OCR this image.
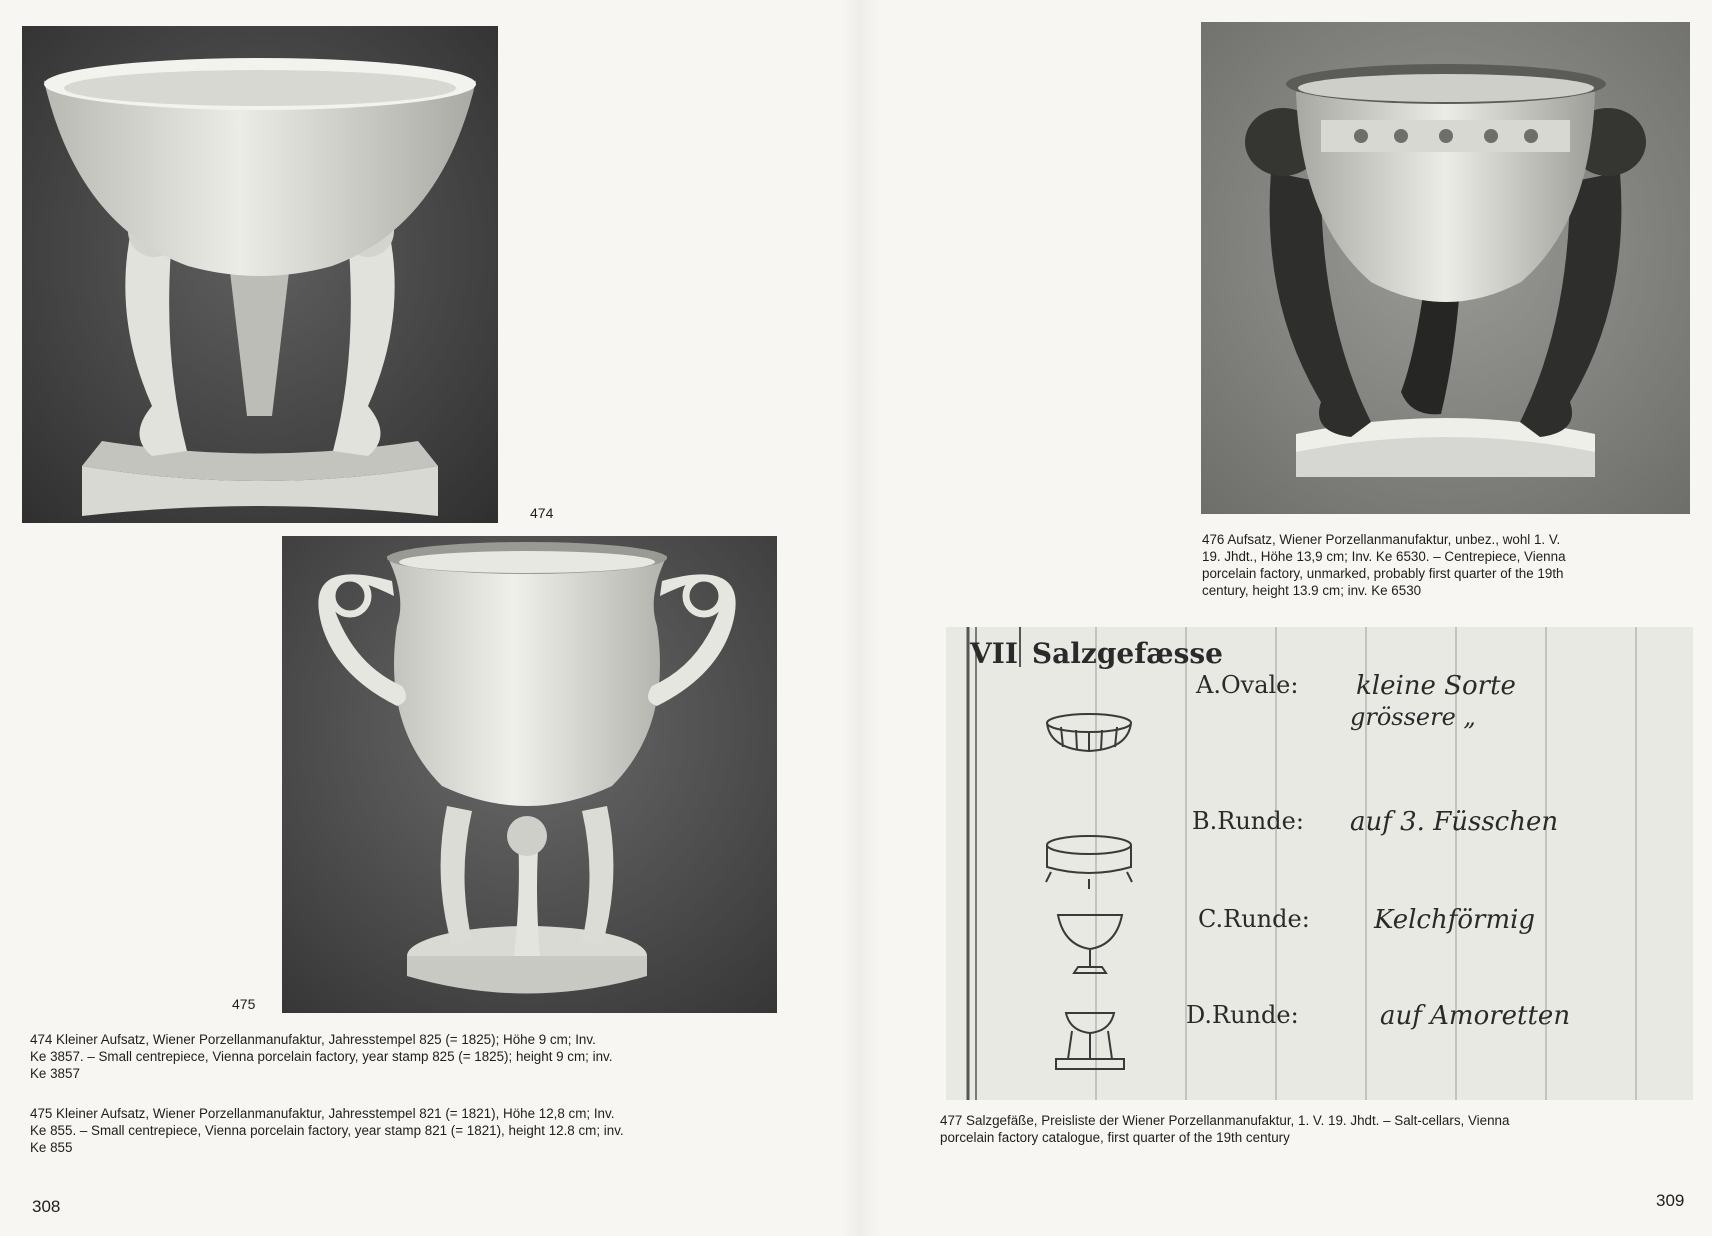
474
475

474 Kleiner Aufsatz, Wiener Porzellanmanufaktur, Jahresstempel 825 (= 1825); Höhe 9 cm; Inv.

Ke 3857. – Small centrepiece, Vienna porcelain factory, year stamp 825 (= 1825); height 9 cm; inv.

Ke 3857

475 Kleiner Aufsatz, Wiener Porzellanmanufaktur, Jahresstempel 821 (= 1821), Höhe 12,8 cm; Inv.

Ke 855. – Small centrepiece, Vienna porcelain factory, year stamp 821 (= 1821), height 12.8 cm; inv.

Ke 855

308

476 Aufsatz, Wiener Porzellanmanufaktur, unbez., wohl 1. V.

19. Jhdt., Höhe 13,9 cm; Inv. Ke 6530. – Centrepiece, Vienna

porcelain factory, unmarked, probably first quarter of the 19th

century, height 13.9 cm; inv. Ke 6530

VII Salzgefæsse
A.Ovale: kleine Sorte
grössere „
B.Runde: auf 3. Füsschen
C.Runde: Kelchförmig
D.Runde:	auf Amoretten

477 Salzgefäße, Preisliste der Wiener Porzellanmanufaktur, 1. V. 19. Jhdt. – Salt-cellars, Vienna

porcelain factory catalogue, first quarter of the 19th century

309
